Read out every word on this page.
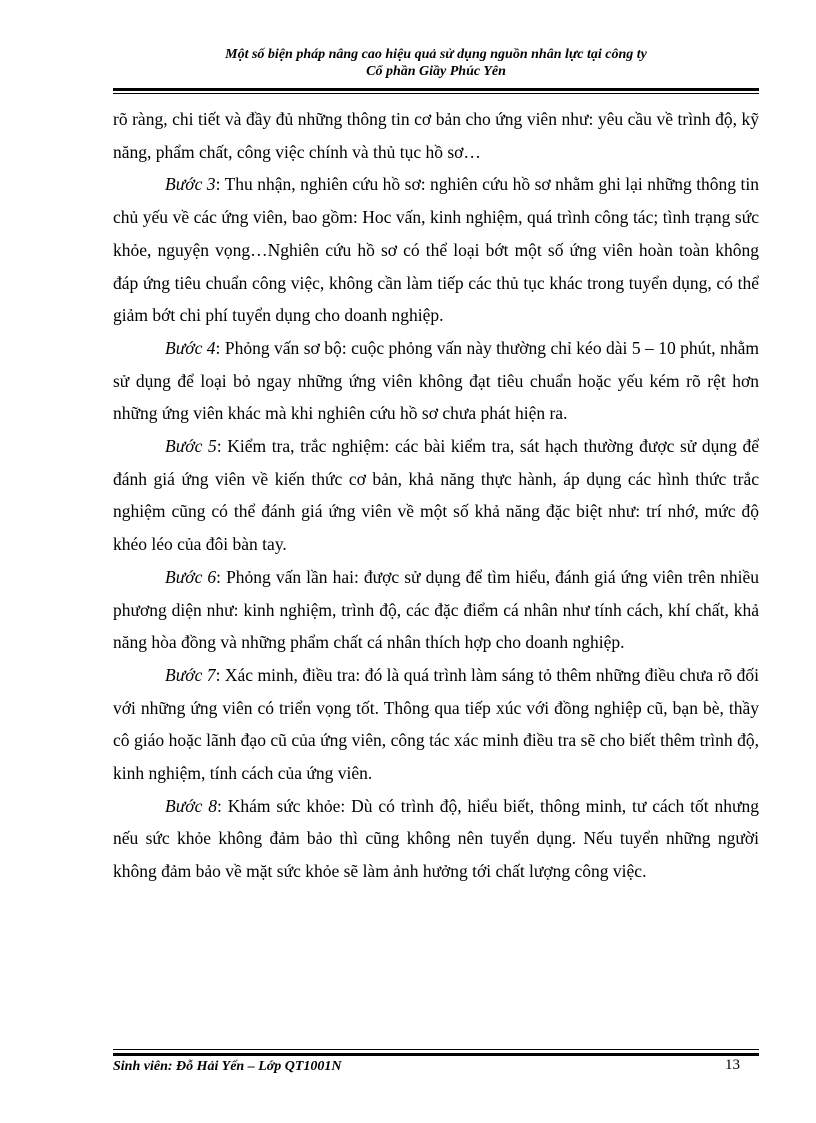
Một số biện pháp nâng cao hiệu quả sử dụng nguồn nhân lực tại công ty
Cổ phần Giầy Phúc Yên

rõ ràng, chi tiết và đầy đủ những thông tin cơ bản cho ứng viên như: yêu cầu về trình độ, kỹ năng, phẩm chất, công việc chính và thủ tục hồ sơ…

Bước 3: Thu nhận, nghiên cứu hồ sơ: nghiên cứu hồ sơ nhằm ghi lại những thông tin chủ yếu về các ứng viên, bao gồm: Hoc vấn, kinh nghiệm, quá trình công tác; tình trạng sức khỏe, nguyện vọng…Nghiên cứu hồ sơ có thể loại bớt một số ứng viên hoàn toàn không đáp ứng tiêu chuẩn công việc, không cần làm tiếp các thủ tục khác trong tuyển dụng, có thể giảm bớt chi phí tuyển dụng cho doanh nghiệp.

Bước 4: Phỏng vấn sơ bộ: cuộc phỏng vấn này thường chỉ kéo dài 5 – 10 phút, nhằm sử dụng để loại bỏ ngay những ứng viên không đạt tiêu chuẩn hoặc yếu kém rõ rệt hơn những ứng viên khác mà khi nghiên cứu hồ sơ chưa phát hiện ra.

Bước 5: Kiểm tra, trắc nghiệm: các bài kiểm tra, sát hạch thường được sử dụng để đánh giá ứng viên về kiến thức cơ bản, khả năng thực hành, áp dụng các hình thức trắc nghiệm cũng có thể đánh giá ứng viên về một số khả năng đặc biệt như: trí nhớ, mức độ khéo léo của đôi bàn tay.

Bước 6: Phỏng vấn lần hai: được sử dụng để tìm hiểu, đánh giá ứng viên trên nhiều phương diện như: kinh nghiệm, trình độ, các đặc điểm cá nhân như tính cách, khí chất, khả năng hòa đồng và những phẩm chất cá nhân thích hợp cho doanh nghiệp.

Bước 7: Xác minh, điều tra: đó là quá trình làm sáng tỏ thêm những điều chưa rõ đối với những ứng viên có triển vọng tốt. Thông qua tiếp xúc với đồng nghiệp cũ, bạn bè, thầy cô giáo hoặc lãnh đạo cũ của ứng viên, công tác xác minh điều tra sẽ cho biết thêm trình độ, kinh nghiệm, tính cách của ứng viên.

Bước 8: Khám sức khỏe: Dù có trình độ, hiểu biết, thông minh, tư cách tốt nhưng nếu sức khỏe không đảm bảo thì cũng không nên tuyển dụng. Nếu tuyển những người không đảm bảo về mặt sức khỏe sẽ làm ảnh hưởng tới chất lượng công việc.

Sinh viên: Đỗ Hải Yến – Lớp QT1001N	13
